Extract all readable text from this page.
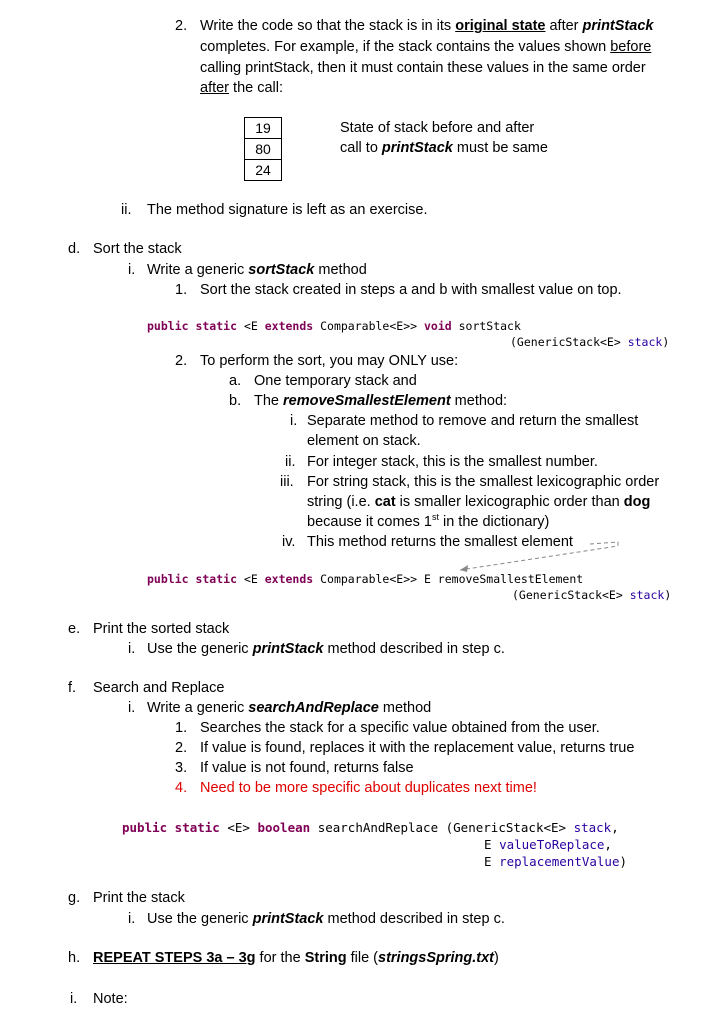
2. Write the code so that the stack is in its original state after printStack
completes. For example, if the stack contains the values shown before
calling printStack, then it must contain these values in the same order
after the call:
19
80
24
State of stack before and after
call to printStack must be same
ii. The method signature is left as an exercise.
d. Sort the stack
i. Write a generic sortStack method
1. Sort the stack created in steps a and b with smallest value on top.
public static <E extends Comparable<E>> void sortStack
(GenericStack<E> stack)
2. To perform the sort, you may ONLY use:
a. One temporary stack and
b. The removeSmallestElement method:
i. Separate method to remove and return the smallest
element on stack.
ii. For integer stack, this is the smallest number.
iii. For string stack, this is the smallest lexicographic order
string (i.e. cat is smaller lexicographic order than dog
because it comes 1st in the dictionary)
iv. This method returns the smallest element
public static <E extends Comparable<E>> E removeSmallestElement
(GenericStack<E> stack)
e. Print the sorted stack
i. Use the generic printStack method described in step c.
f. Search and Replace
i. Write a generic searchAndReplace method
1. Searches the stack for a specific value obtained from the user.
2. If value is found, replaces it with the replacement value, returns true
3. If value is not found, returns false
4. Need to be more specific about duplicates next time!
public static <E> boolean searchAndReplace (GenericStack<E> stack,
E valueToReplace,
E replacementValue)
g. Print the stack
i. Use the generic printStack method described in step c.
h. REPEAT STEPS 3a – 3g for the String file (stringsSpring.txt)
i. Note:
